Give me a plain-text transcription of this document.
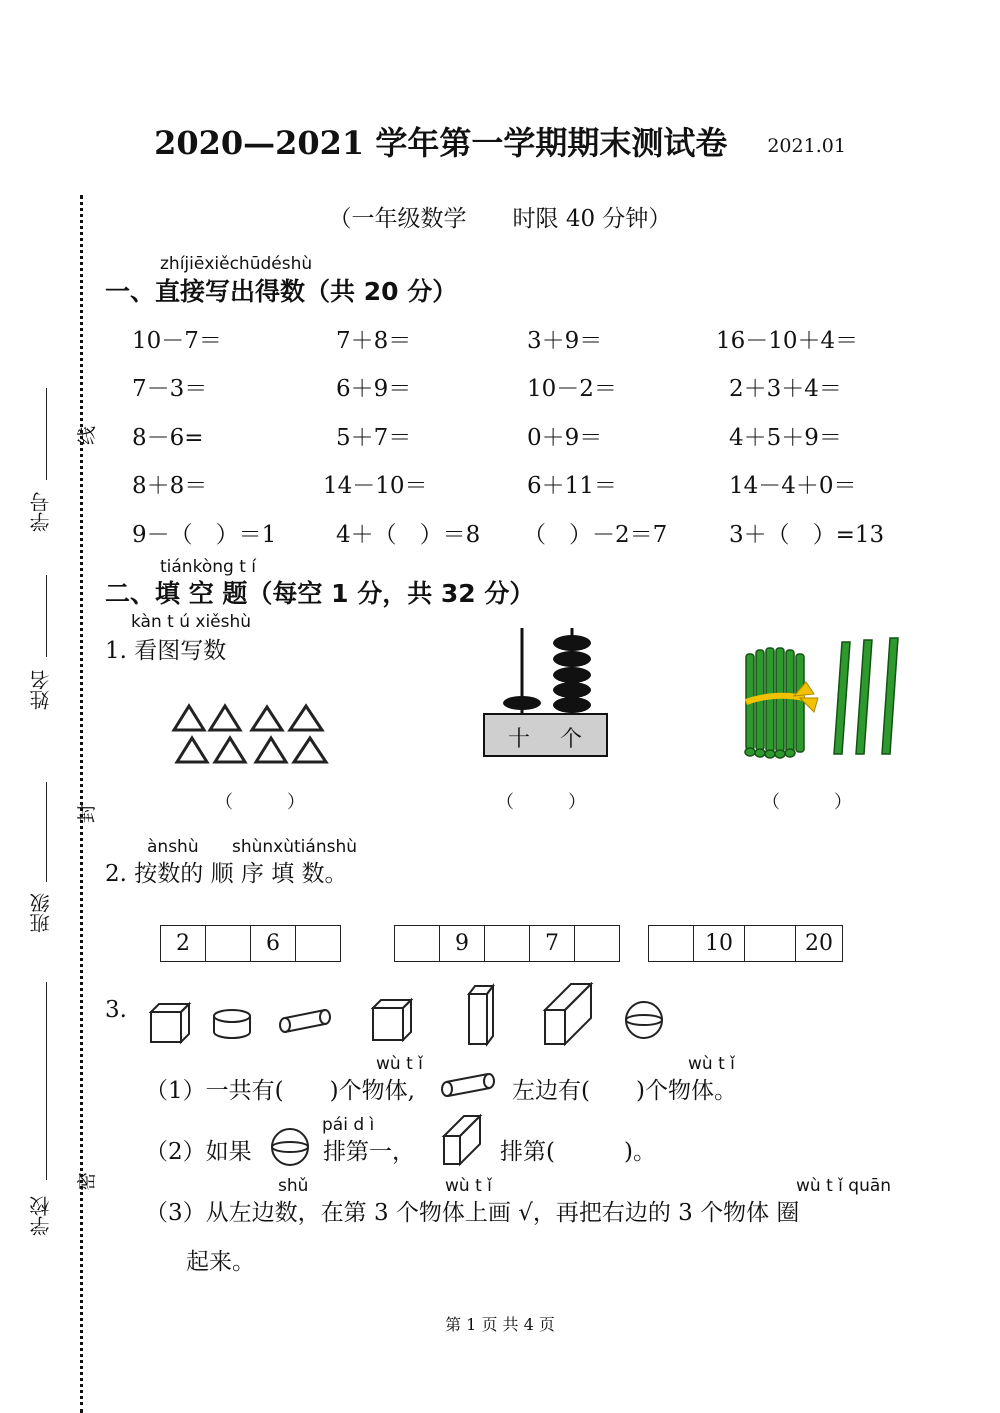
学号
姓名
班级
学校
线
封
密
2020—2021 学年第一学期期末测试卷 2021.01
（一年级数学　　时限 40 分钟）
zhíjiēxiěchūdéshù
一、直接写出得数（共 20 分）
10－7＝	7＋8＝	3＋9＝	16－10＋4＝
7－3＝	6＋9＝	10－2＝	2＋3＋4＝
8－6=	5＋7＝	0＋9＝	4＋5＋9＝
8＋8＝	14－10＝	6＋11＝	14－4＋0＝
9－（　）＝1	4＋（　）＝8 （　）－2＝7	3＋（　）=13
tiánkòng t í
二、填 空 题（每空 1 分，共 32 分）
kàn t ú xiěshù
1. 看图写数
十 个
（　　　）	（　　　）	（　　　）
ànshù shùnxùtiánshù
2. 按数的 顺 序 填 数。
2	6	9	7	10	20
3.
wù t ǐ	wù t ǐ
（1）一共有(　　)个物体,	左边有(　　)个物体。
pái d ì
（2）如果	排第一，	排第(　　　)。
shǔ	wù t ǐ	wù t ǐ quān
（3）从左边数，在第 3 个物体上画 √，再把右边的 3 个物体 圈
起来。
第 1 页 共 4 页
